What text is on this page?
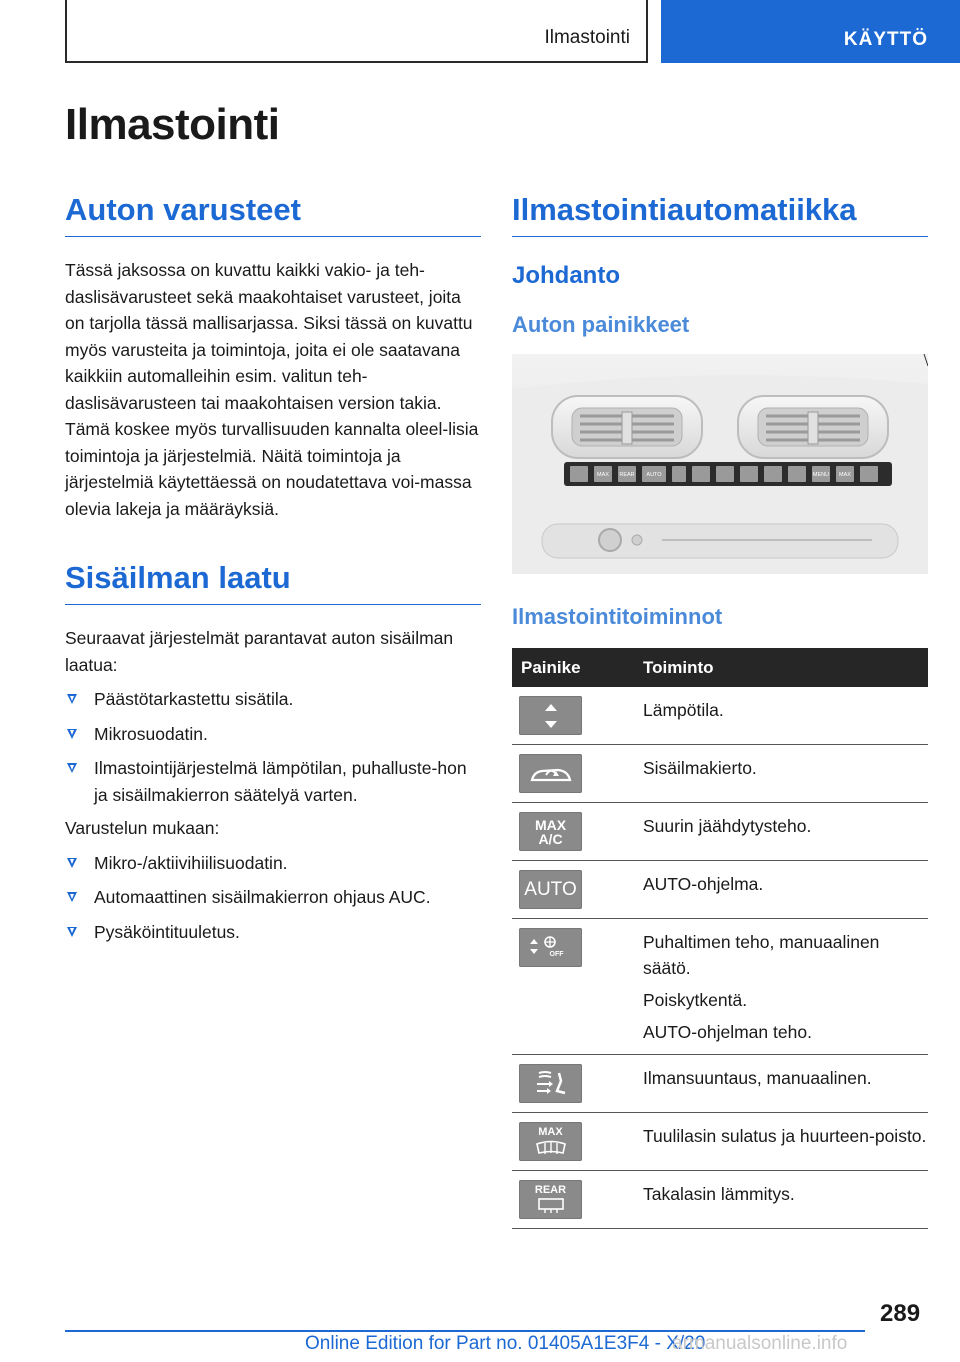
Ilmastointi	KÄYTTÖ
Ilmastointi
Auton varusteet

Tässä jaksossa on kuvattu kaikki vakio- ja teh-daslisävarusteet sekä maakohtaiset varusteet, joita on tarjolla tässä mallisarjassa. Siksi tässä on kuvattu myös varusteita ja toimintoja, joita ei ole saatavana kaikkiin automalleihin esim. valitun teh-daslisävarusteen tai maakohtaisen version takia. Tämä koskee myös turvallisuuden kannalta oleel-lisia toimintoja ja järjestelmiä. Näitä toimintoja ja järjestelmiä käytettäessä on noudatettava voi-massa olevia lakeja ja määräyksiä.

Sisäilman laatu

Seuraavat järjestelmät parantavat auton sisäilman laatua:

Päästötarkastettu sisätila.
Mikrosuodatin.
Ilmastointijärjestelmä lämpötilan, puhalluste-hon ja sisäilmakierron säätelyä varten.

Varustelun mukaan:

Mikro-/aktiivihiilisuodatin.
Automaattinen sisäilmakierron ohjaus AUC.
Pysäköintituuletus.
Ilmastointiautomatiikka
Johdanto
Auton painikkeet
MAX REAR AUTO	MENU MAX
Ilmastointitoiminnot
Painike	Toiminto

Lämpötila.

Sisäilmakierto.

MAX
A/C	Suurin jäähdytysteho.

AUTO	AUTO-ohjelma.

OFF	Puhaltimen teho, manuaalinen säätö.

Poiskytkentä.

AUTO-ohjelman teho.

Ilmansuuntaus, manuaalinen.

MAX	Tuulilasin sulatus ja huurteen-poisto.

REAR	Takalasin lämmitys.

289
Online Edition for Part no. 01405A1E3F4 - X/20
armanualsonline.info
